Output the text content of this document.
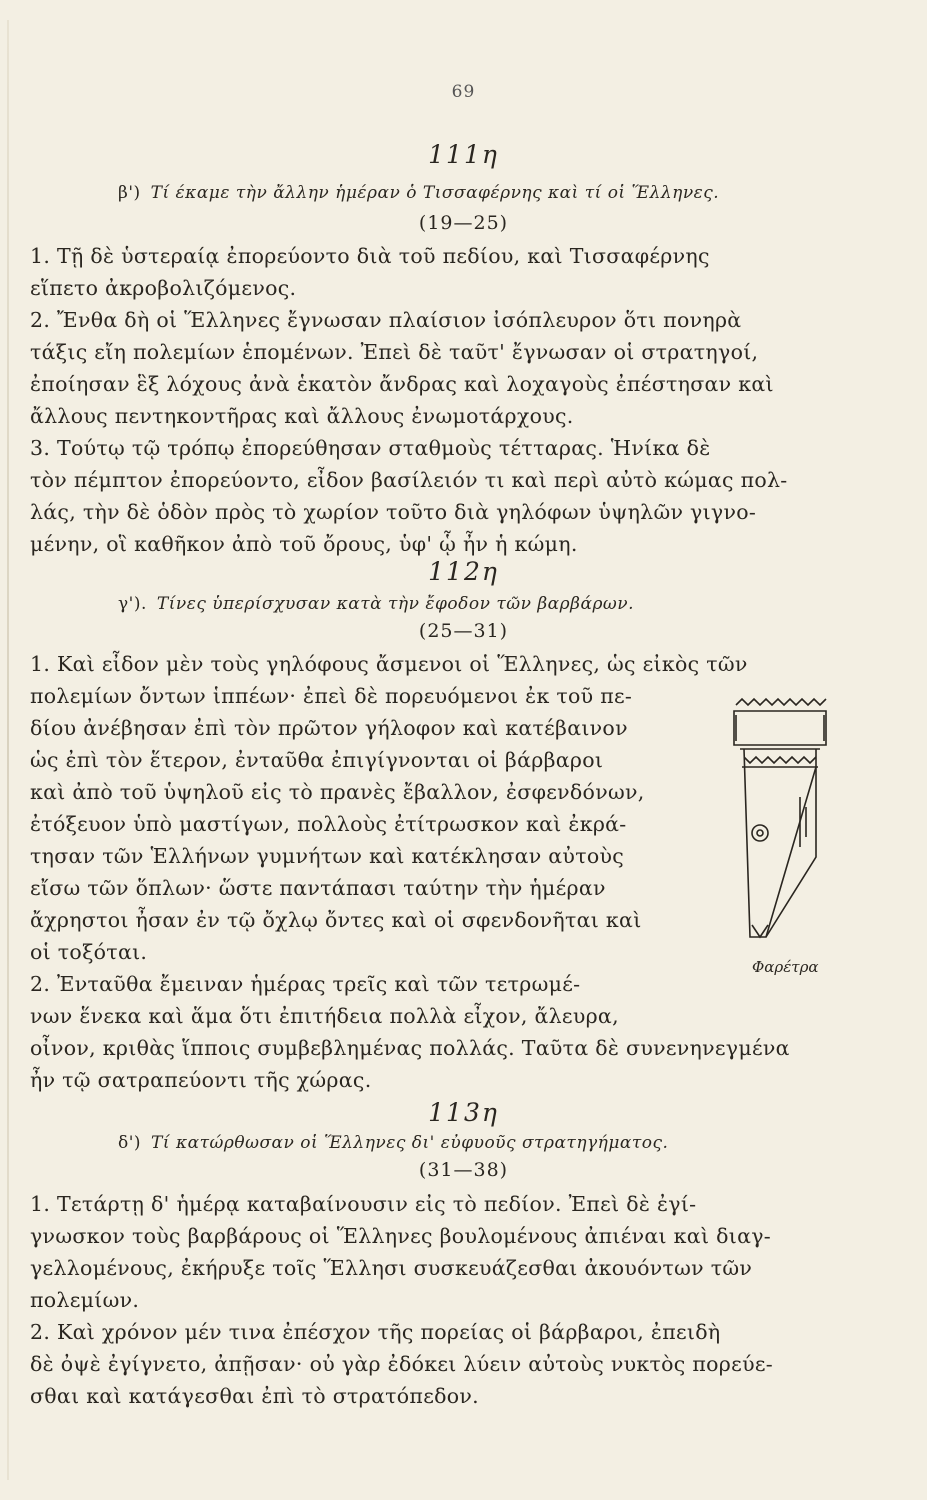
69
111η
β') Τί έκαμε τὴν ἄλλην ἡμέραν ὁ Τισσαφέρνης καὶ τί οἱ Ἕλληνες.
(19—25)
1. Τῇ δὲ ὑστεραίᾳ ἐπορεύοντο διὰ τοῦ πεδίου, καὶ Τισσαφέρνης
εἵπετο ἀκροβολιζόμενος.
2. Ἔνθα δὴ οἱ Ἕλληνες ἔγνωσαν πλαίσιον ἰσόπλευρον ὅτι πονηρὰ
τάξις εἴη πολεμίων ἑπομένων. Ἐπεὶ δὲ ταῦτ' ἔγνωσαν οἱ στρατηγοί,
ἐποίησαν ἓξ λόχους ἀνὰ ἑκατὸν ἄνδρας καὶ λοχαγοὺς ἐπέστησαν καὶ
ἄλλους πεντηκοντῆρας καὶ ἄλλους ἐνωμοτάρχους.
3. Τούτῳ τῷ τρόπῳ ἐπορεύθησαν σταθμοὺς τέτταρας. Ἡνίκα δὲ
τὸν πέμπτον ἐπορεύοντο, εἶδον βασίλειόν τι καὶ περὶ αὐτὸ κώμας πολ-
λάς, τὴν δὲ ὁδὸν πρὸς τὸ χωρίον τοῦτο διὰ γηλόφων ὑψηλῶν γιγνο-
μένην, οἳ καθῆκον ἀπὸ τοῦ ὄρους, ὑφ' ᾧ ἦν ἡ κώμη.
112η
γ'). Τίνες ὑπερίσχυσαν κατὰ τὴν ἔφοδον τῶν βαρβάρων.
(25—31)
1. Καὶ εἶδον μὲν τοὺς γηλόφους ἄσμενοι οἱ Ἕλληνες, ὡς εἰκὸς τῶν
πολεμίων ὄντων ἱππέων· ἐπεὶ δὲ πορευόμενοι ἐκ τοῦ πε-
δίου ἀνέβησαν ἐπὶ τὸν πρῶτον γήλοφον καὶ κατέβαινον
ὡς ἐπὶ τὸν ἕτερον, ἐνταῦθα ἐπιγίγνονται οἱ βάρβαροι
καὶ ἀπὸ τοῦ ὑψηλοῦ εἰς τὸ πρανὲς ἔβαλλον, ἐσφενδόνων,
ἐτόξευον ὑπὸ μαστίγων, πολλοὺς ἐτίτρωσκον καὶ ἐκρά-
τησαν τῶν Ἑλλήνων γυμνήτων καὶ κατέκλησαν αὐτοὺς
εἴσω τῶν ὅπλων· ὥστε παντάπασι ταύτην τὴν ἡμέραν
ἄχρηστοι ἦσαν ἐν τῷ ὄχλῳ ὄντες καὶ οἱ σφενδονῆται καὶ
οἱ τοξόται.
2. Ἐνταῦθα ἔμειναν ἡμέρας τρεῖς καὶ τῶν τετρωμέ-
νων ἕνεκα καὶ ἅμα ὅτι ἐπιτήδεια πολλὰ εἶχον, ἄλευρα,
οἶνον, κριθὰς ἵπποις συμβεβλημένας πολλάς. Ταῦτα δὲ συνενηνεγμένα
ἦν τῷ σατραπεύοντι τῆς χώρας.
Φαρέτρα
113η
δ') Τί κατώρθωσαν οἱ Ἕλληνες δι' εὐφυοῦς στρατηγήματος.
(31—38)
1. Τετάρτῃ δ' ἡμέρᾳ καταβαίνουσιν εἰς τὸ πεδίον. Ἐπεὶ δὲ ἐγί-
γνωσκον τοὺς βαρβάρους οἱ Ἕλληνες βουλομένους ἀπιέναι καὶ διαγ-
γελλομένους, ἐκήρυξε τοῖς Ἕλλησι συσκευάζεσθαι ἀκουόντων τῶν
πολεμίων.
2. Καὶ χρόνον μέν τινα ἐπέσχον τῆς πορείας οἱ βάρβαροι, ἐπειδὴ
δὲ ὀψὲ ἐγίγνετο, ἀπῇσαν· οὐ γὰρ ἐδόκει λύειν αὐτοὺς νυκτὸς πορεύε-
σθαι καὶ κατάγεσθαι ἐπὶ τὸ στρατόπεδον.
